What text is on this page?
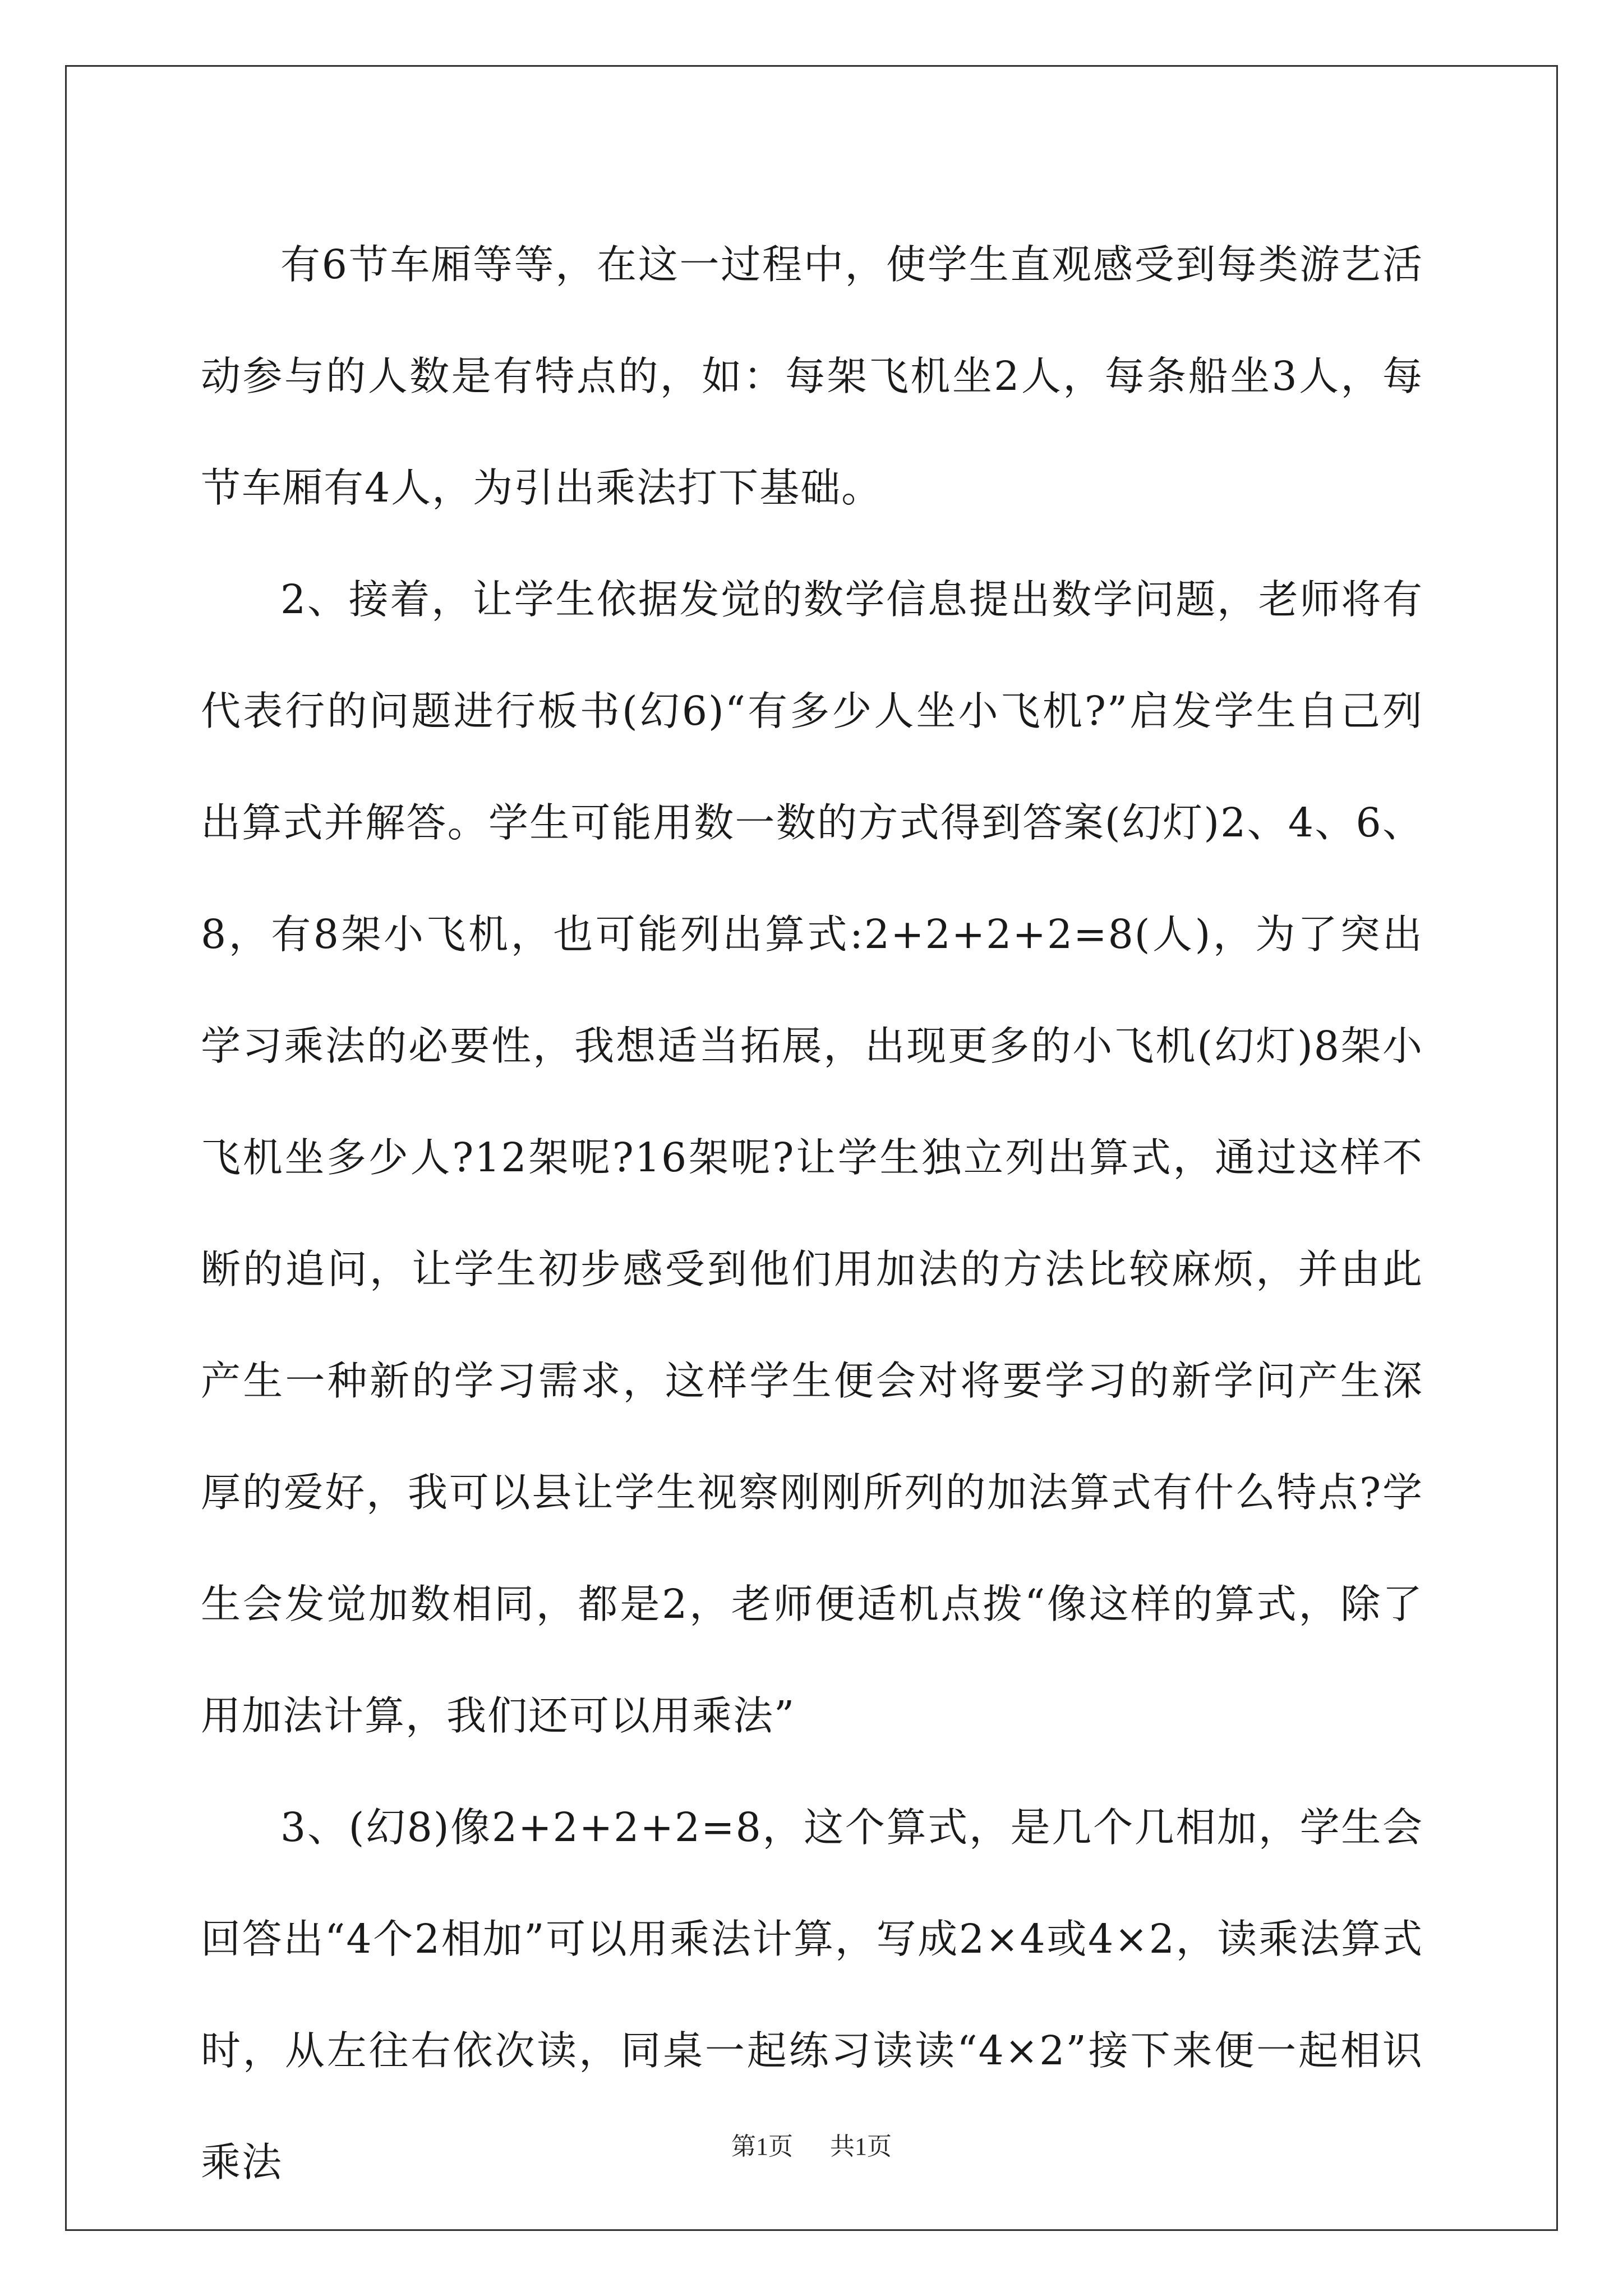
有6节车厢等等，在这一过程中，使学生直观感受到每类游艺活动参与的人数是有特点的，如：每架飞机坐2人，每条船坐3人，每节车厢有4人，为引出乘法打下基础。

2、接着，让学生依据发觉的数学信息提出数学问题，老师将有代表行的问题进行板书(幻6)“有多少人坐小飞机?”启发学生自己列出算式并解答。学生可能用数一数的方式得到答案(幻灯)2、4、6、8，有8架小飞机，也可能列出算式:2+2+2+2=8(人)，为了突出学习乘法的必要性，我想适当拓展，出现更多的小飞机(幻灯)8架小飞机坐多少人?12架呢?16架呢?让学生独立列出算式，通过这样不断的追问，让学生初步感受到他们用加法的方法比较麻烦，并由此产生一种新的学习需求，这样学生便会对将要学习的新学问产生深厚的爱好，我可以县让学生视察刚刚所列的加法算式有什么特点?学生会发觉加数相同，都是2，老师便适机点拨“像这样的算式，除了用加法计算，我们还可以用乘法”

3、(幻8)像2+2+2+2=8，这个算式，是几个几相加，学生会回答出“4个2相加”可以用乘法计算，写成2×4或4×2，读乘法算式时，从左往右依次读，同桌一起练习读读“4×2”接下来便一起相识乘法	第1页 共1页
